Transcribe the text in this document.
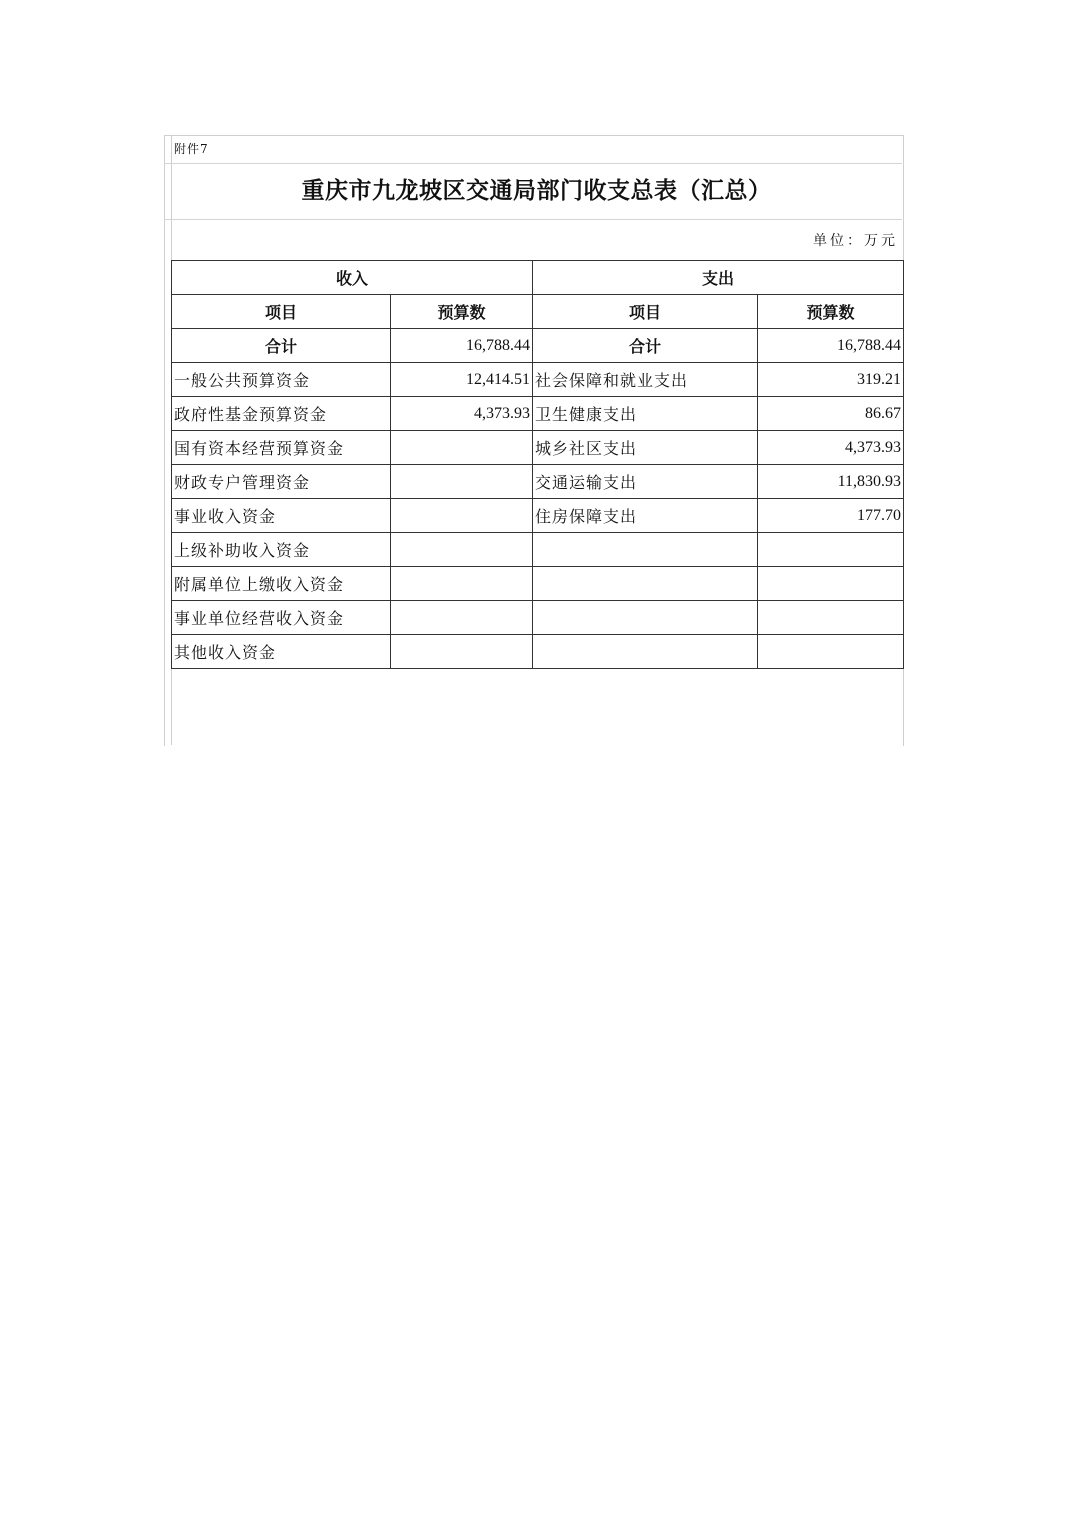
附件7
重庆市九龙坡区交通局部门收支总表（汇总）
单位：万元
收入		支出	
项目	预算数	项目	预算数
合计	16,788.44	合计	16,788.44
一般公共预算资金	12,414.51	社会保障和就业支出	319.21
政府性基金预算资金	4,373.93	卫生健康支出	86.67
国有资本经营预算资金		城乡社区支出	4,373.93
财政专户管理资金		交通运输支出	11,830.93
事业收入资金		住房保障支出	177.70
上级补助收入资金			
附属单位上缴收入资金			
事业单位经营收入资金			
其他收入资金			
